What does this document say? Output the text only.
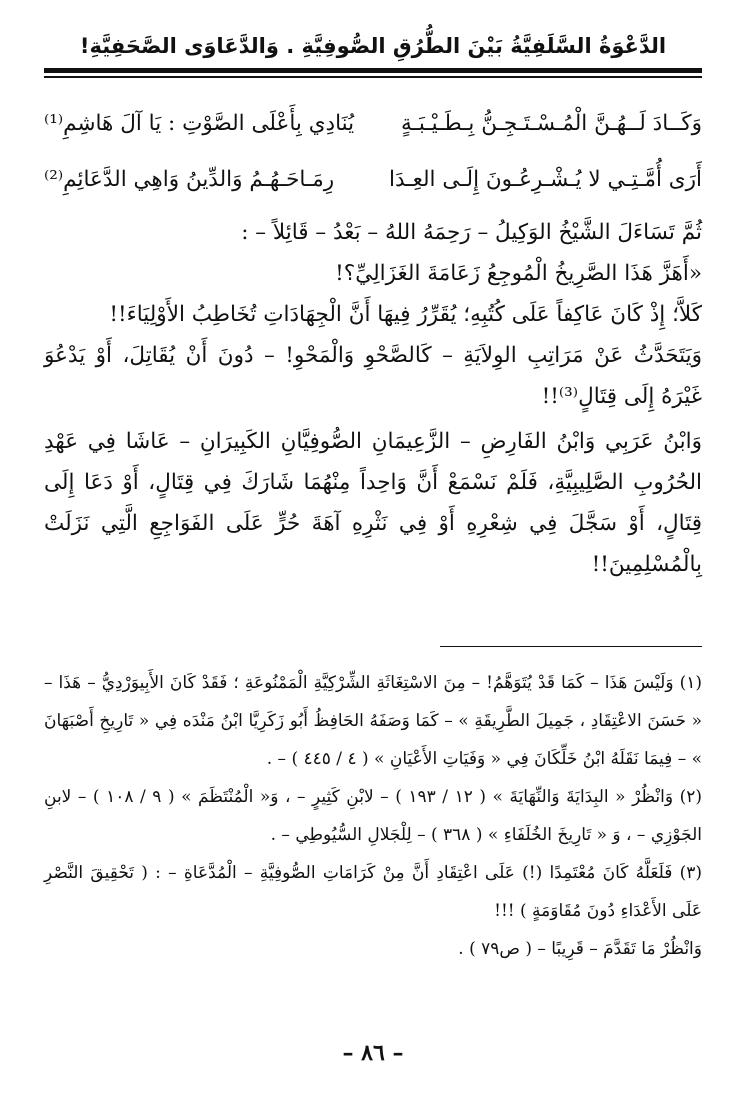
الدَّعْوَةُ السَّلَفِيَّةُ بَيْنَ الطُّرُقِ الصُّوفِيَّةِ . وَالدَّعَاوَى الصَّحَفِيَّةِ!
وَكَــادَ لَــهُـنَّ الْمُـسْـتَـجِـنُّ بِـطَـيْـبَـةٍ
يُنَادِي بِأَعْلَى الصَّوْتِ : يَا آلَ هَاشِمِ⁽¹⁾
أَرَى أُمَّـتِـي لا يُـشْـرِعُـونَ إِلَـى العِـدَا
رِمَـاحَـهُـمُ وَالدِّينُ وَاهِي الدَّعَائِمِ⁽²⁾

ثُمَّ تَسَاءَلَ الشَّيْخُ الوَكِيلُ – رَحِمَهُ اللهُ – بَعْدُ – قَائِلاً – :

«أَهَزَّ هَذَا الصَّرِيخُ الْمُوجِعُ زَعَامَةَ الغَزَالِيِّ؟!

كَلاَّ؛ إِذْ كَانَ عَاكِفاً عَلَى كُتُبِهِ؛ يُقَرِّرُ فِيهَا أَنَّ الْجِهَادَاتِ تُخَاطِبُ الأَوْلِيَاءَ!!

وَيَتَحَدَّثُ عَنْ مَرَاتِبِ الوِلاَيَةِ – كَالصَّحْوِ وَالْمَحْوِ! – دُونَ أَنْ يُقَاتِلَ، أَوْ يَدْعُوَ غَيْرَهُ إِلَى قِتَالٍ⁽³⁾!!

وَابْنُ عَرَبِي وَابْنُ الفَارِضِ – الزَّعِيمَانِ الصُّوفِيَّانِ الكَبِيرَانِ – عَاشَا فِي عَهْدِ الحُرُوبِ الصَّلِيبِيَّةِ، فَلَمْ نَسْمَعْ أَنَّ وَاحِداً مِنْهُمَا شَارَكَ فِي قِتَالٍ، أَوْ دَعَا إِلَى قِتَالٍ، أَوْ سَجَّلَ فِي شِعْرِهِ أَوْ فِي نَثْرِهِ آهَةَ حُرٍّ عَلَى الفَوَاجِعِ الَّتِي نَزَلَتْ بِالْمُسْلِمِينَ!!

(١) وَلَيْسَ هَذَا – كَمَا قَدْ يُتَوَهَّمُ! – مِنَ الاسْتِغَاثَةِ الشِّرْكِيَّةِ الْمَمْنُوعَةِ ؛ فَقَدْ كَانَ الأَبِيوَرْدِيُّ – هَذَا – « حَسَنَ الاعْتِقَادِ ، جَمِيلَ الطَّرِيقَةِ » – كَمَا وَصَفَهُ الحَافِظُ أَبُو زَكَرِيَّا ابْنُ مَنْدَه فِي « تَارِيخِ أَصْبَهَانَ » – فِيمَا نَقَلَهُ ابْنُ خَلِّكَانَ فِي « وَفَيَاتِ الأَعْيَانِ » ( ٤ / ٤٤٥ ) – .

(٢) وَانْظُرْ « البِدَايَةَ وَالنِّهَايَةَ » ( ١٢ / ١٩٣ ) – لابْنِ كَثِيرٍ – ، وَ« الْمُنْتَظَمَ » ( ٩ / ١٠٨ ) – لابنِ الجَوْزِي – ، وَ « تَارِيخَ الخُلَفَاءِ » ( ٣٦٨ ) – لِلْجَلالِ السُّيُوطِي – .

(٣) فَلَعَلَّهُ كَانَ مُعْتَمِدًا (!) عَلَى اعْتِقَادِ أَنَّ مِنْ كَرَامَاتِ الصُّوفِيَّةِ – الْمُدَّعَاةِ – : ( تَحْقِيقَ النَّصْرِ عَلَى الأَعْدَاءِ دُونَ مُقَاوَمَةٍ ) !!!

وَانْظُرْ مَا تَقَدَّمَ – قَرِيبًا – ( ص٧٩ ) .

– ٨٦ –
